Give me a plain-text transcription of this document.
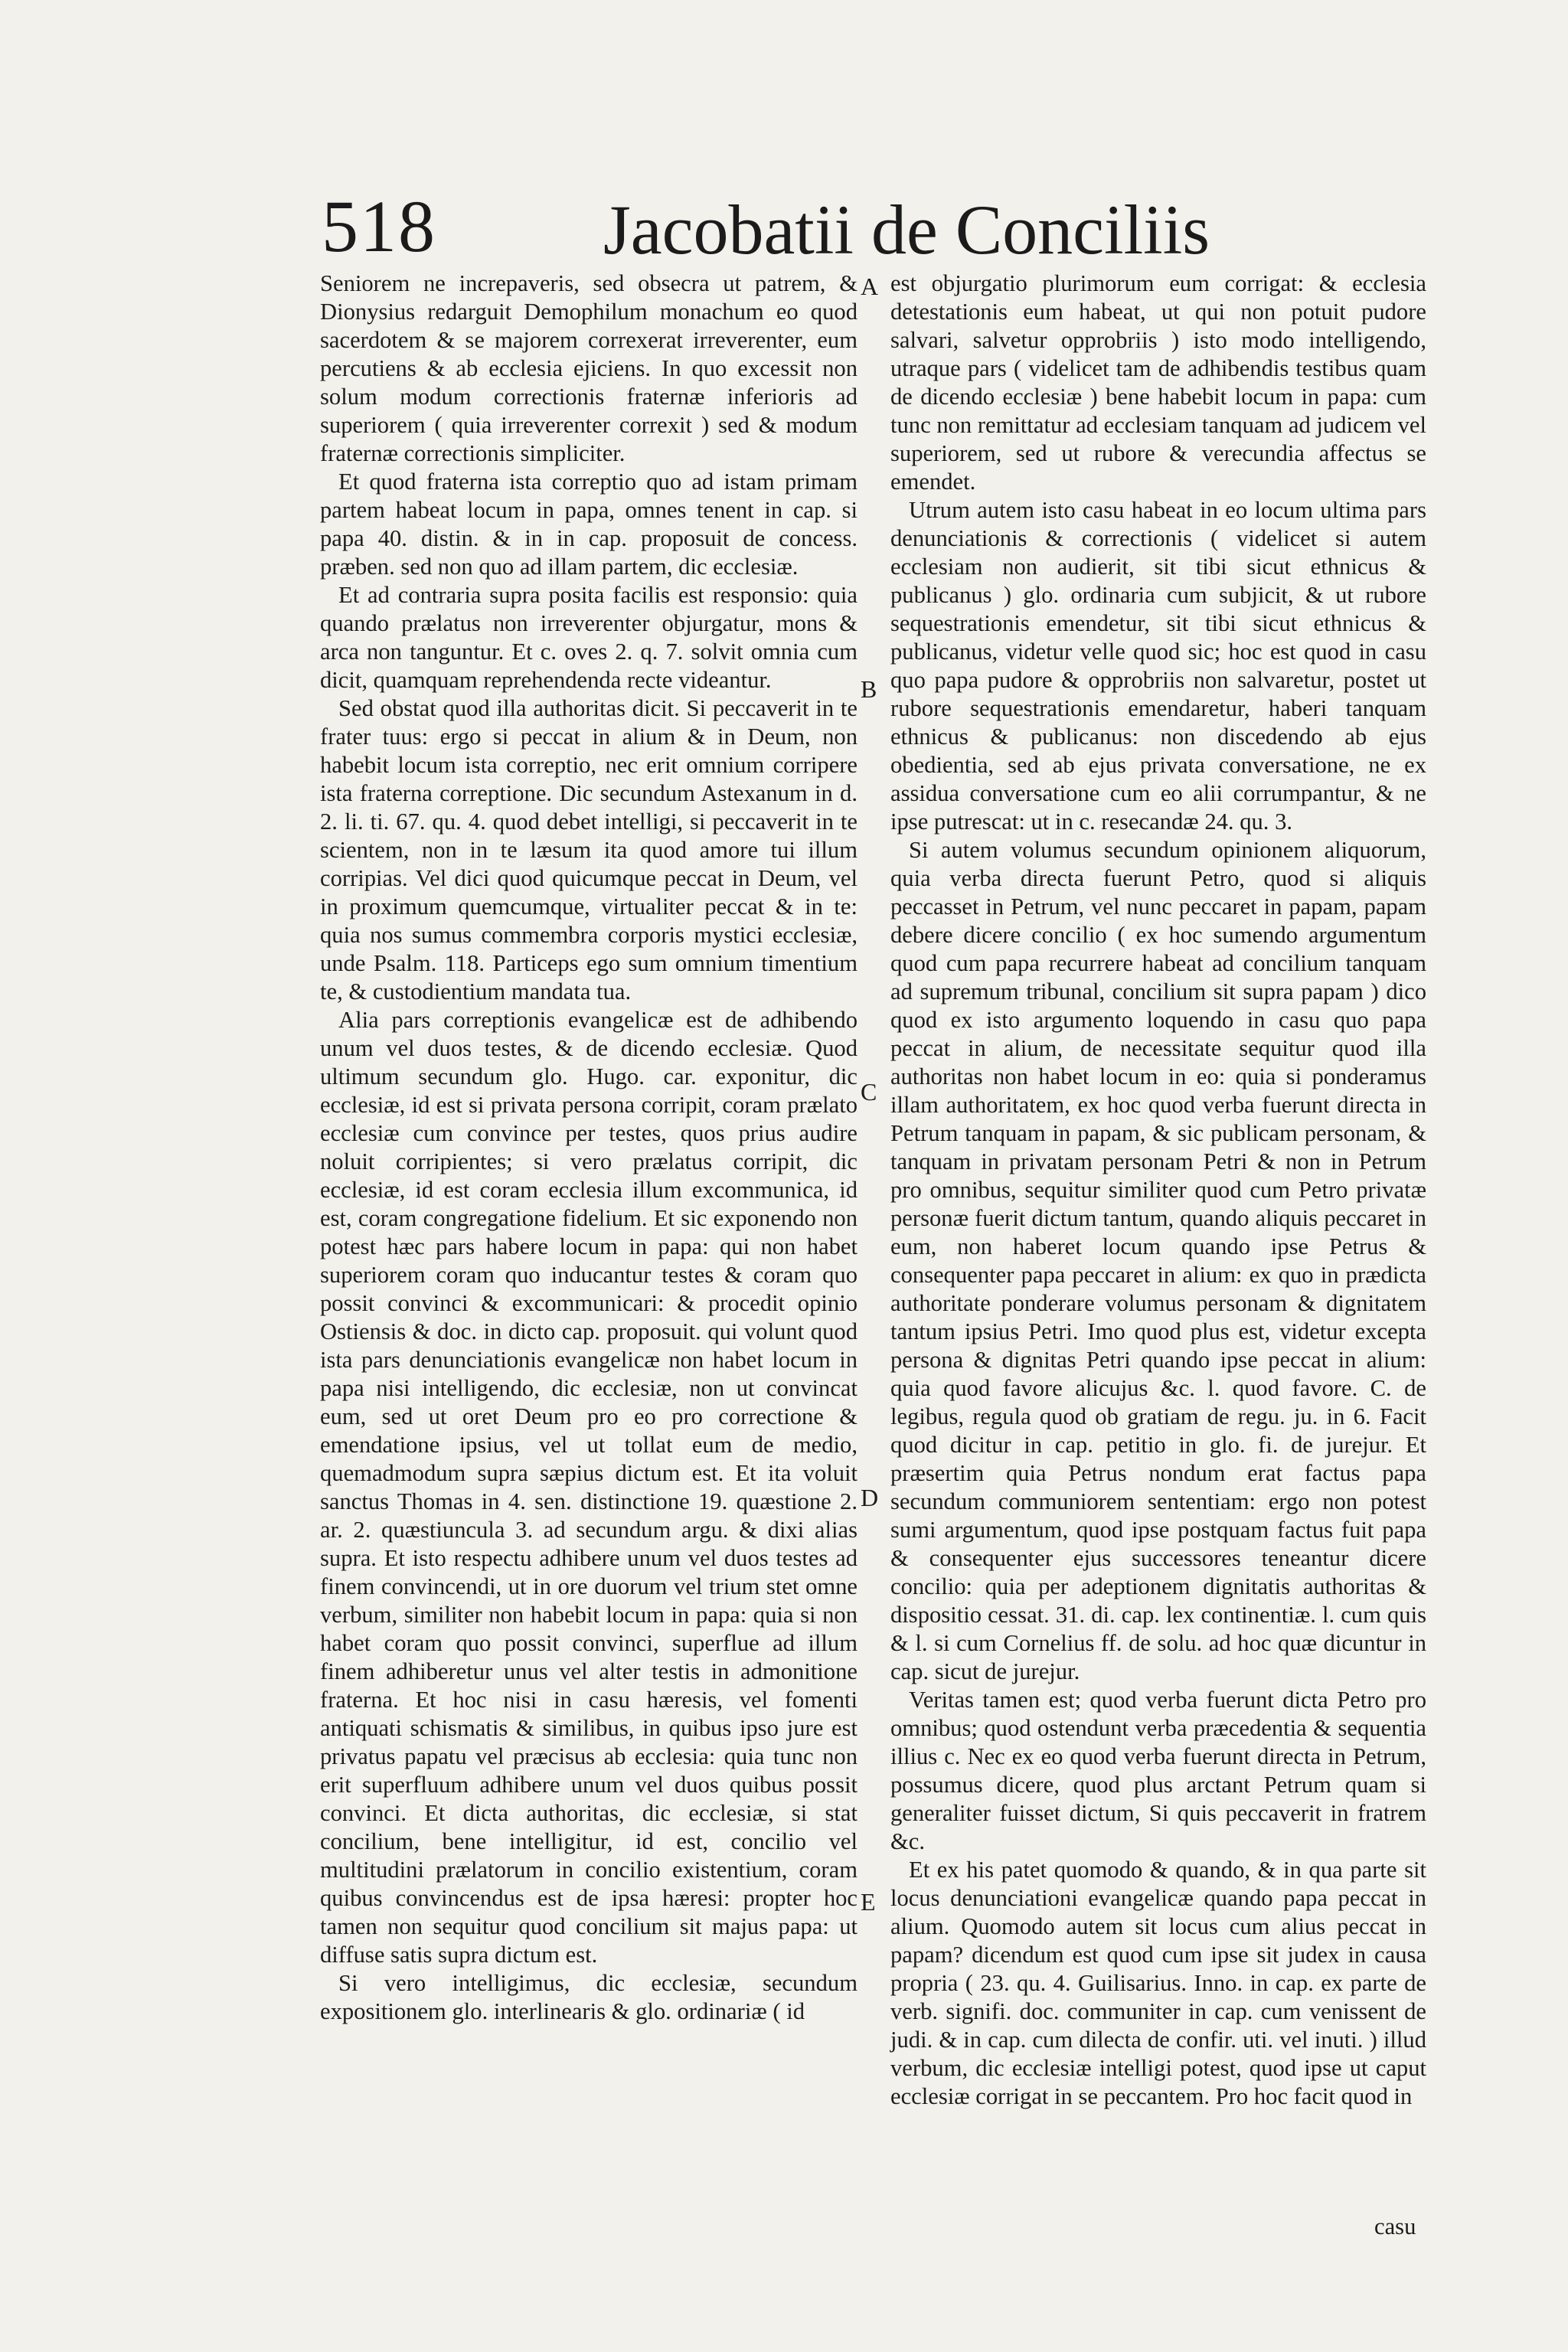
518 Jacobatii de Conciliis

Seniorem ne increpaveris, sed obsecra ut patrem, & Dionysius redarguit Demophilum monachum eo quod sacerdotem & se majorem correxerat irreverenter, eum percutiens & ab ecclesia ejiciens. In quo excessit non solum modum correctionis fraternæ inferioris ad superiorem ( quia irreverenter correxit ) sed & modum fraternæ correctionis simpliciter.

Et quod fraterna ista correptio quo ad istam primam partem habeat locum in papa, omnes tenent in cap. si papa 40. distin. & in in cap. proposuit de concess. præben. sed non quo ad illam partem, dic ecclesiæ.

Et ad contraria supra posita facilis est responsio: quia quando prælatus non irreverenter objurgatur, mons & arca non tanguntur. Et c. oves 2. q. 7. solvit omnia cum dicit, quamquam reprehendenda recte videantur.

Sed obstat quod illa authoritas dicit. Si peccaverit in te frater tuus: ergo si peccat in alium & in Deum, non habebit locum ista correptio, nec erit omnium corripere ista fraterna correptione. Dic secundum Astexanum in d. 2. li. ti. 67. qu. 4. quod debet intelligi, si peccaverit in te scientem, non in te læsum ita quod amore tui illum corripias. Vel dici quod quicumque peccat in Deum, vel in proximum quemcumque, virtualiter peccat & in te: quia nos sumus commembra corporis mystici ecclesiæ, unde Psalm. 118. Particeps ego sum omnium timentium te, & custodientium mandata tua.

Alia pars correptionis evangelicæ est de adhibendo unum vel duos testes, & de dicendo ecclesiæ. Quod ultimum secundum glo. Hugo. car. exponitur, dic ecclesiæ, id est si privata persona corripit, coram prælato ecclesiæ cum convince per testes, quos prius audire noluit corripientes; si vero prælatus corripit, dic ecclesiæ, id est coram ecclesia illum excommunica, id est, coram congregatione fidelium. Et sic exponendo non potest hæc pars habere locum in papa: qui non habet superiorem coram quo inducantur testes & coram quo possit convinci & excommunicari: & procedit opinio Ostiensis & doc. in dicto cap. proposuit. qui volunt quod ista pars denunciationis evangelicæ non habet locum in papa nisi intelligendo, dic ecclesiæ, non ut convincat eum, sed ut oret Deum pro eo pro correctione & emendatione ipsius, vel ut tollat eum de medio, quemadmodum supra sæpius dictum est. Et ita voluit sanctus Thomas in 4. sen. distinctione 19. quæstione 2. ar. 2. quæstiuncula 3. ad secundum argu. & dixi alias supra. Et isto respectu adhibere unum vel duos testes ad finem convincendi, ut in ore duorum vel trium stet omne verbum, similiter non habebit locum in papa: quia si non habet coram quo possit convinci, superflue ad illum finem adhiberetur unus vel alter testis in admonitione fraterna. Et hoc nisi in casu hæresis, vel fomenti antiquati schismatis & similibus, in quibus ipso jure est privatus papatu vel præcisus ab ecclesia: quia tunc non erit superfluum adhibere unum vel duos quibus possit convinci. Et dicta authoritas, dic ecclesiæ, si stat concilium, bene intelligitur, id est, concilio vel multitudini prælatorum in concilio existentium, coram quibus convincendus est de ipsa hæresi: propter hoc tamen non sequitur quod concilium sit majus papa: ut diffuse satis supra dictum est.

Si vero intelligimus, dic ecclesiæ, secundum expositionem glo. interlinearis & glo. ordinariæ ( id

A
B
C
D
E

est objurgatio plurimorum eum corrigat: & ecclesia detestationis eum habeat, ut qui non potuit pudore salvari, salvetur opprobriis ) isto modo intelligendo, utraque pars ( videlicet tam de adhibendis testibus quam de dicendo ecclesiæ ) bene habebit locum in papa: cum tunc non remittatur ad ecclesiam tanquam ad judicem vel superiorem, sed ut rubore & verecundia affectus se emendet.

Utrum autem isto casu habeat in eo locum ultima pars denunciationis & correctionis ( videlicet si autem ecclesiam non audierit, sit tibi sicut ethnicus & publicanus ) glo. ordinaria cum subjicit, & ut rubore sequestrationis emendetur, sit tibi sicut ethnicus & publicanus, videtur velle quod sic; hoc est quod in casu quo papa pudore & opprobriis non salvaretur, postet ut rubore sequestrationis emendaretur, haberi tanquam ethnicus & publicanus: non discedendo ab ejus obedientia, sed ab ejus privata conversatione, ne ex assidua conversatione cum eo alii corrumpantur, & ne ipse putrescat: ut in c. resecandæ 24. qu. 3.

Si autem volumus secundum opinionem aliquorum, quia verba directa fuerunt Petro, quod si aliquis peccasset in Petrum, vel nunc peccaret in papam, papam debere dicere concilio ( ex hoc sumendo argumentum quod cum papa recurrere habeat ad concilium tanquam ad supremum tribunal, concilium sit supra papam ) dico quod ex isto argumento loquendo in casu quo papa peccat in alium, de necessitate sequitur quod illa authoritas non habet locum in eo: quia si ponderamus illam authoritatem, ex hoc quod verba fuerunt directa in Petrum tanquam in papam, & sic publicam personam, & tanquam in privatam personam Petri & non in Petrum pro omnibus, sequitur similiter quod cum Petro privatæ personæ fuerit dictum tantum, quando aliquis peccaret in eum, non haberet locum quando ipse Petrus & consequenter papa peccaret in alium: ex quo in prædicta authoritate ponderare volumus personam & dignitatem tantum ipsius Petri. Imo quod plus est, videtur excepta persona & dignitas Petri quando ipse peccat in alium: quia quod favore alicujus &c. l. quod favore. C. de legibus, regula quod ob gratiam de regu. ju. in 6. Facit quod dicitur in cap. petitio in glo. fi. de jurejur. Et præsertim quia Petrus nondum erat factus papa secundum communiorem sententiam: ergo non potest sumi argumentum, quod ipse postquam factus fuit papa & consequenter ejus successores teneantur dicere concilio: quia per adeptionem dignitatis authoritas & dispositio cessat. 31. di. cap. lex continentiæ. l. cum quis & l. si cum Cornelius ff. de solu. ad hoc quæ dicuntur in cap. sicut de jurejur.

Veritas tamen est; quod verba fuerunt dicta Petro pro omnibus; quod ostendunt verba præcedentia & sequentia illius c. Nec ex eo quod verba fuerunt directa in Petrum, possumus dicere, quod plus arctant Petrum quam si generaliter fuisset dictum, Si quis peccaverit in fratrem &c.

Et ex his patet quomodo & quando, & in qua parte sit locus denunciationi evangelicæ quando papa peccat in alium. Quomodo autem sit locus cum alius peccat in papam? dicendum est quod cum ipse sit judex in causa propria ( 23. qu. 4. Guilisarius. Inno. in cap. ex parte de verb. signifi. doc. communiter in cap. cum venissent de judi. & in cap. cum dilecta de confir. uti. vel inuti. ) illud verbum, dic ecclesiæ intelligi potest, quod ipse ut caput ecclesiæ corrigat in se peccantem. Pro hoc facit quod in

casu
